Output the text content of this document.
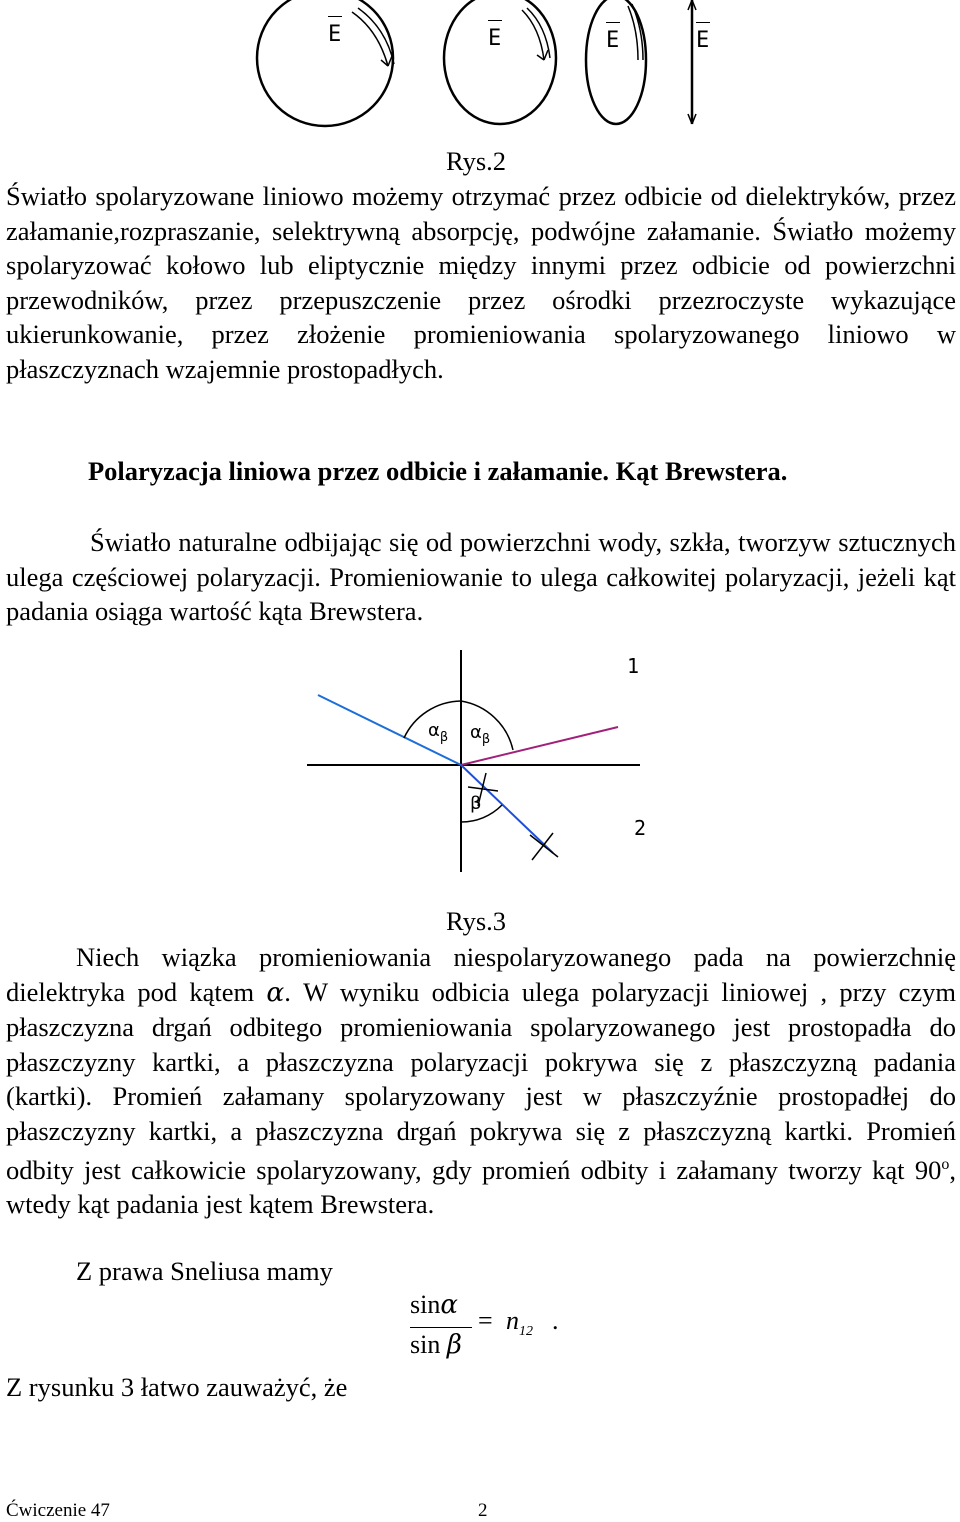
E	E	E	E
Rys.2

Światło spolaryzowane liniowo możemy otrzymać przez odbicie od dielektryków, przez załamanie,rozpraszanie, selektrywną absorpcję, podwójne załamanie. Światło możemy spolaryzować kołowo lub eliptycznie między innymi przez odbicie od powierzchni przewodników, przez przepuszczenie przez ośrodki przezroczyste wykazujące ukierunkowanie, przez złożenie promieniowania spolaryzowanego liniowo w płaszczyznach wzajemnie prostopadłych.

Polaryzacja liniowa przez odbicie i załamanie. Kąt Brewstera.

Światło naturalne odbijając się od powierzchni wody, szkła, tworzyw sztucznych ulega częściowej polaryzacji. Promieniowanie to ulega całkowitej polaryzacji, jeżeli kąt padania osiąga wartość kąta Brewstera.

1
2
$\alpha_\beta$ $\alpha_\beta$
β
Rys.3

Niech wiązka promieniowania niespolaryzowanego pada na powierzchnię dielektryka pod kątem α. W wyniku odbicia ulega polaryzacji liniowej , przy czym płaszczyzna drgań odbitego promieniowania spolaryzowanego jest prostopadła do płaszczyzny kartki, a płaszczyzna polaryzacji pokrywa się z płaszczyzną padania (kartki). Promień załamany spolaryzowany jest w płaszczyźnie prostopadłej do płaszczyzny kartki, a płaszczyzna drgań pokrywa się z płaszczyzną kartki. Promień odbity jest całkowicie spolaryzowany, gdy promień odbity i załamany tworzy kąt 90$^o$, wtedy kąt padania jest kątem Brewstera.

Z prawa Sneliusa mamy

sinα
sin β
= $n_{12}$ .

Z rysunku 3 łatwo zauważyć, że

Ćwiczenie 47	2
